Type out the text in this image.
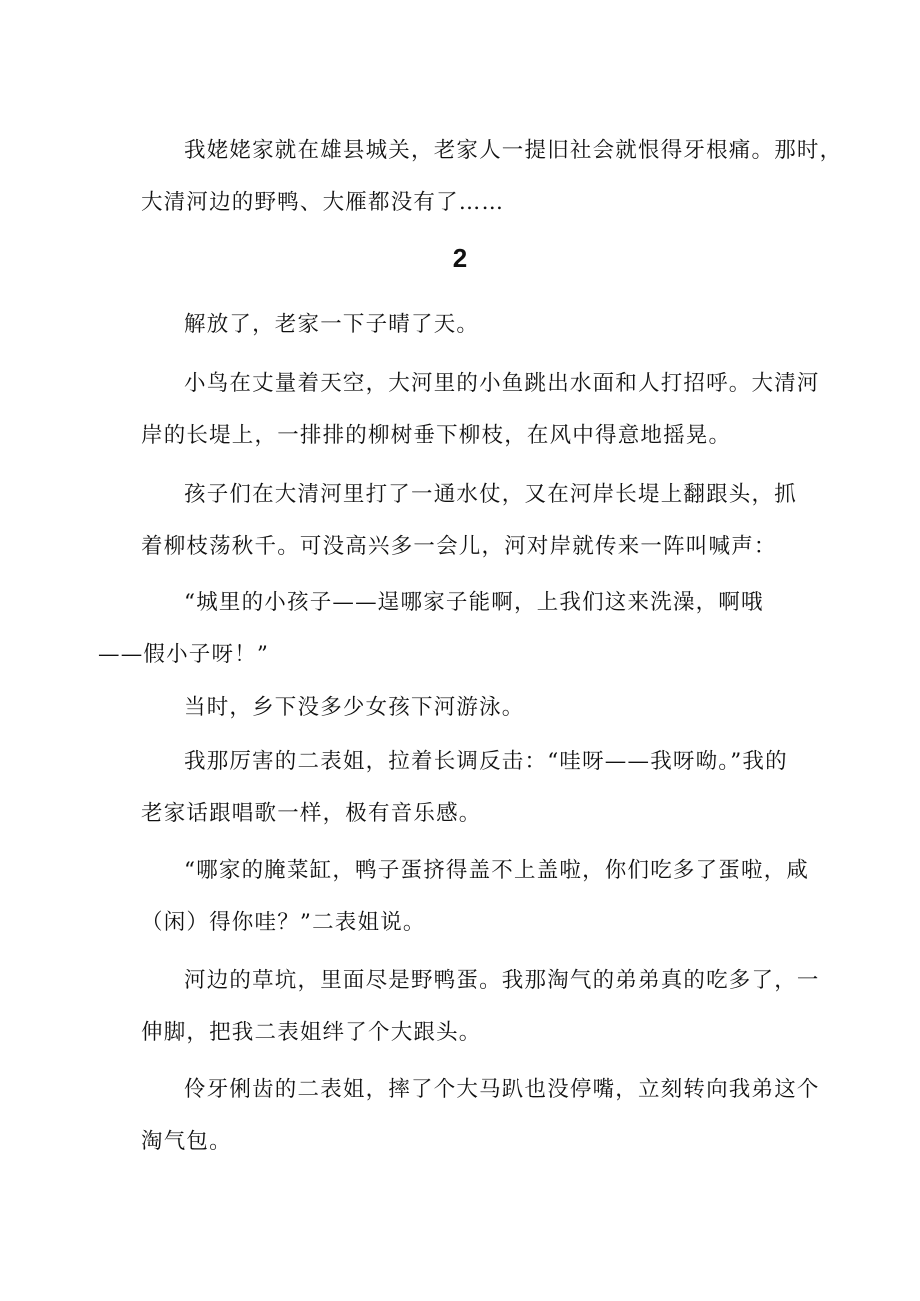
我姥姥家就在雄县城关，老家人一提旧社会就恨得牙根痛。那时，
大清河边的野鸭、大雁都没有了……

2

解放了，老家一下子晴了天。

小鸟在丈量着天空，大河里的小鱼跳出水面和人打招呼。大清河
岸的长堤上，一排排的柳树垂下柳枝，在风中得意地摇晃。

孩子们在大清河里打了一通水仗，又在河岸长堤上翻跟头，抓
着柳枝荡秋千。可没高兴多一会儿，河对岸就传来一阵叫喊声：

“城里的小孩子——逞哪家子能啊，上我们这来洗澡，啊哦
——假小子呀！”

当时，乡下没多少女孩下河游泳。

我那厉害的二表姐，拉着长调反击：“哇呀——我呀呦。”我的
老家话跟唱歌一样，极有音乐感。

“哪家的腌菜缸，鸭子蛋挤得盖不上盖啦，你们吃多了蛋啦，咸
（闲）得你哇？”二表姐说。

河边的草坑，里面尽是野鸭蛋。我那淘气的弟弟真的吃多了，一
伸脚，把我二表姐绊了个大跟头。

伶牙俐齿的二表姐，摔了个大马趴也没停嘴，立刻转向我弟这个
淘气包。
